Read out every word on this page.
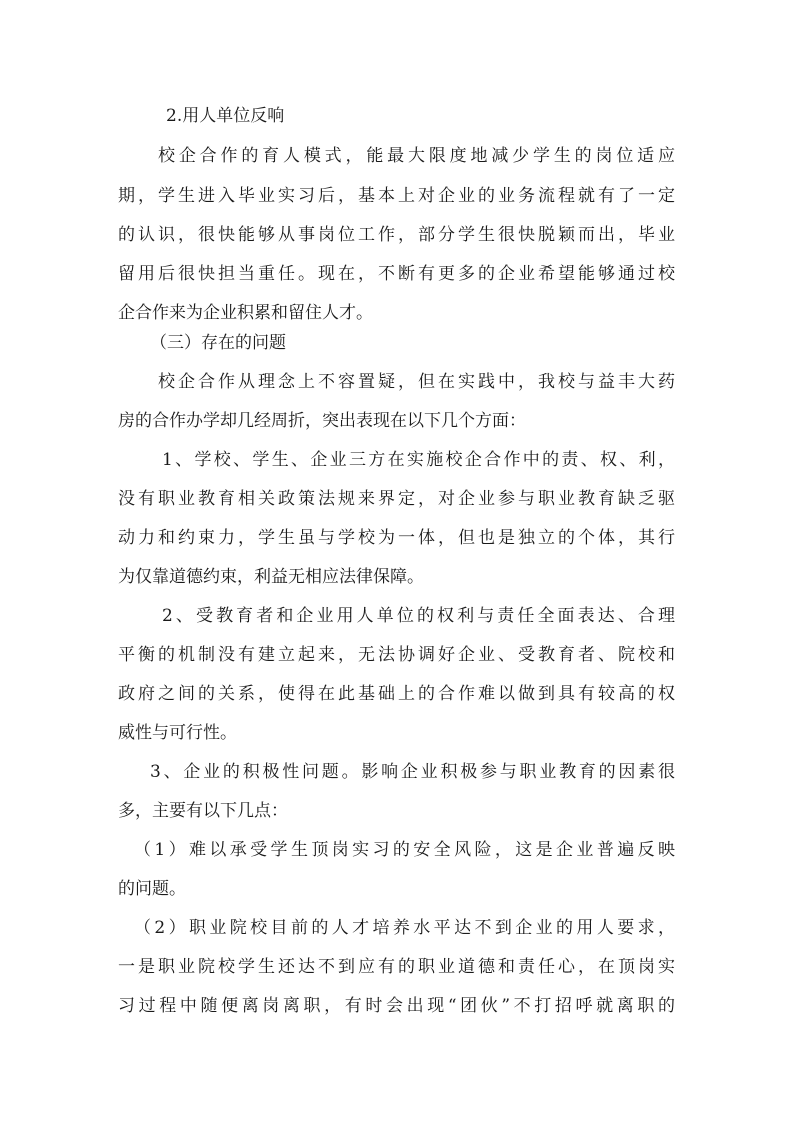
2.用人单位反响
校企合作的育人模式，能最大限度地减少学生的岗位适应
期，学生进入毕业实习后，基本上对企业的业务流程就有了一定
的认识，很快能够从事岗位工作，部分学生很快脱颖而出，毕业
留用后很快担当重任。现在，不断有更多的企业希望能够通过校
企合作来为企业积累和留住人才。
（三）存在的问题
校企合作从理念上不容置疑，但在实践中，我校与益丰大药
房的合作办学却几经周折，突出表现在以下几个方面：
1、学校、学生、企业三方在实施校企合作中的责、权、利，
没有职业教育相关政策法规来界定，对企业参与职业教育缺乏驱
动力和约束力，学生虽与学校为一体，但也是独立的个体，其行
为仅靠道德约束，利益无相应法律保障。
2、受教育者和企业用人单位的权利与责任全面表达、合理
平衡的机制没有建立起来，无法协调好企业、受教育者、院校和
政府之间的关系，使得在此基础上的合作难以做到具有较高的权
威性与可行性。
3、企业的积极性问题。影响企业积极参与职业教育的因素很
多，主要有以下几点：
（1）难以承受学生顶岗实习的安全风险，这是企业普遍反映
的问题。
（2）职业院校目前的人才培养水平达不到企业的用人要求，
一是职业院校学生还达不到应有的职业道德和责任心，在顶岗实
习过程中随便离岗离职，有时会出现“团伙”不打招呼就离职的
